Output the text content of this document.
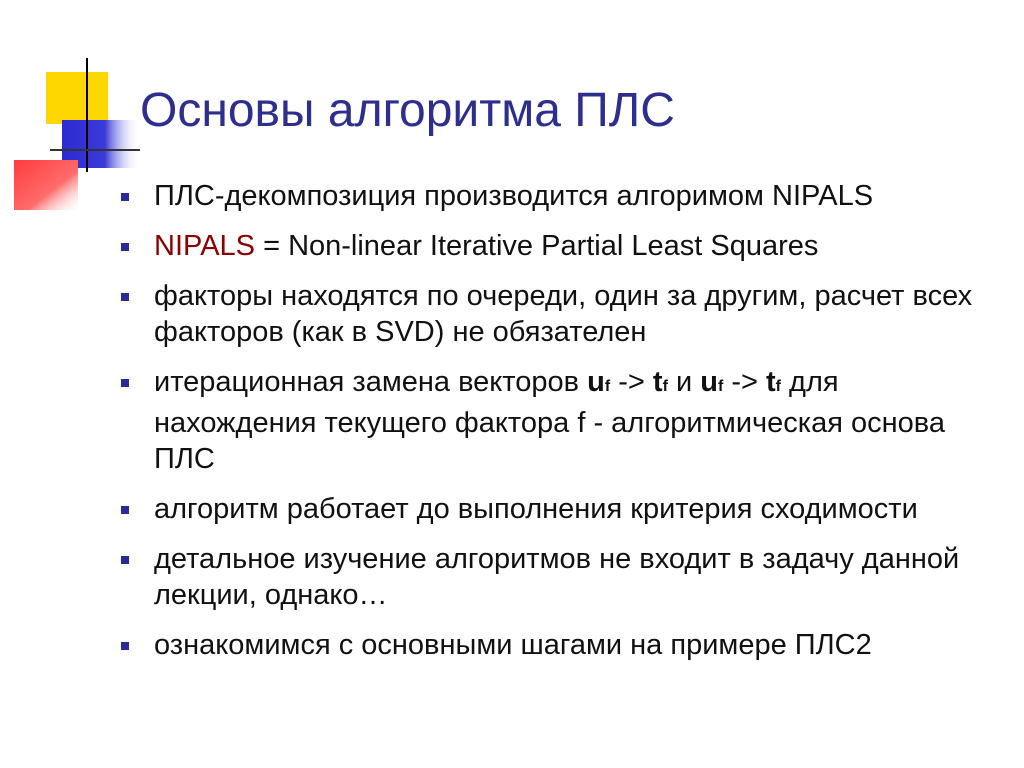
Основы алгоритма ПЛС
ПЛС-декомпозиция производится алгоримом NIPALS
NIPALS = Non-linear Iterative Partial Least Squares
факторы находятся по очереди, один за другим, расчет всех факторов (как в SVD) не обязателен
итерационная замена векторов uf -> tf и uf -> tf для нахождения текущего фактора f - алгоритмическая основа ПЛС
алгоритм работает до выполнения критерия сходимости
детальное изучение алгоритмов не входит в задачу данной лекции, однако…
ознакомимся с основными шагами на примере ПЛС2
